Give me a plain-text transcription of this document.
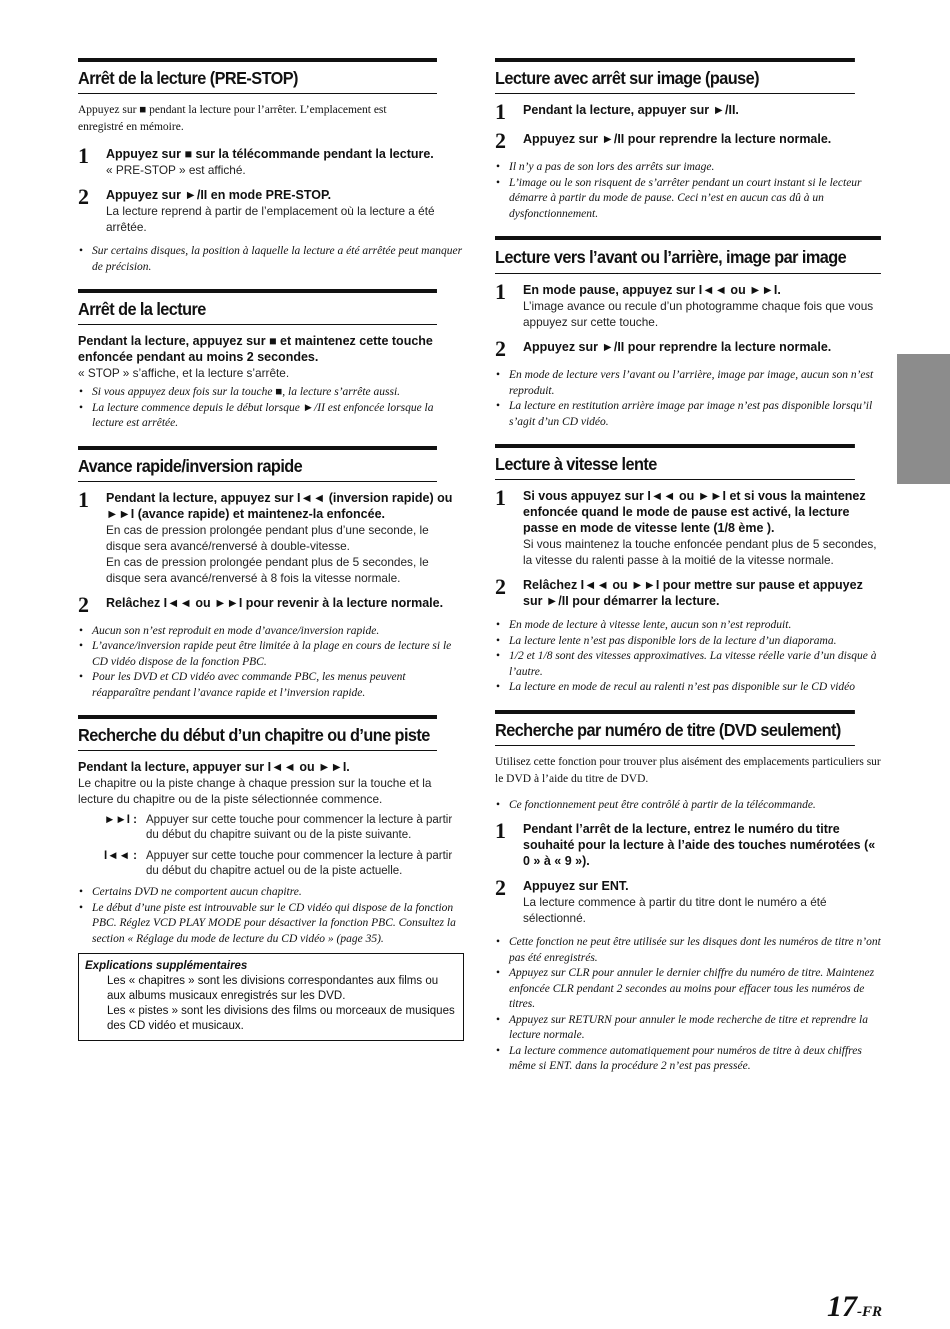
Arrêt de la lecture (PRE-STOP)
Appuyez sur ■ pendant la lecture pour l’arrêter. L’emplacement est
enregistré en mémoire.
1	Appuyez sur ■ sur la télécommande pendant la lecture.
« PRE-STOP » est affiché.
2	Appuyez sur ►/II en mode PRE-STOP.
La lecture reprend à partir de l’emplacement où la lecture a été arrêtée.
• Sur certains disques, la position à laquelle la lecture a été arrêtée peut manquer de précision.
Arrêt de la lecture
Pendant la lecture, appuyez sur ■ et maintenez cette touche enfoncée pendant au moins 2 secondes.
« STOP » s’affiche, et la lecture s’arrête.
• Si vous appuyez deux fois sur la touche ■, la lecture s’arrête aussi.
• La lecture commence depuis le début lorsque ►/II est enfoncée lorsque la lecture est arrêtée.
Avance rapide/inversion rapide
1	Pendant la lecture, appuyez sur I◄◄ (inversion rapide) ou ►►I (avance rapide) et maintenez-la enfoncée.
En cas de pression prolongée pendant plus d’une seconde, le disque sera avancé/renversé à double-vitesse.
En cas de pression prolongée pendant plus de 5 secondes, le disque sera avancé/renversé à 8 fois la vitesse normale.
2	Relâchez I◄◄ ou ►►I pour revenir à la lecture normale.
• Aucun son n’est reproduit en mode d’avance/inversion rapide.
• L’avance/inversion rapide peut être limitée à la plage en cours de lecture si le CD vidéo dispose de la fonction PBC.
• Pour les DVD et CD vidéo avec commande PBC, les menus peuvent réapparaître pendant l’avance rapide et l’inversion rapide.
Recherche du début d’un chapitre ou d’une piste
Pendant la lecture, appuyer sur I◄◄ ou ►►I.
Le chapitre ou la piste change à chaque pression sur la touche et la lecture du chapitre ou de la piste sélectionnée commence.
►►I : Appuyer sur cette touche pour commencer la lecture à partir du début du chapitre suivant ou de la piste suivante.
I◄◄ : Appuyer sur cette touche pour commencer la lecture à partir du début du chapitre actuel ou de la piste actuelle.
• Certains DVD ne comportent aucun chapitre.
• Le début d’une piste est introuvable sur le CD vidéo qui dispose de la fonction PBC. Réglez VCD PLAY MODE pour désactiver la fonction PBC. Consultez la section « Réglage du mode de lecture du CD vidéo » (page 35).
Explications supplémentaires
Les « chapitres » sont les divisions correspondantes aux films ou aux albums musicaux enregistrés sur les DVD.
Les « pistes » sont les divisions des films ou morceaux de musiques des CD vidéo et musicaux.
Lecture avec arrêt sur image (pause)
1	Pendant la lecture, appuyer sur ►/II.
2	Appuyez sur ►/II pour reprendre la lecture normale.
• Il n’y a pas de son lors des arrêts sur image.
• L’image ou le son risquent de s’arrêter pendant un court instant si le lecteur démarre à partir du mode de pause. Ceci n’est en aucun cas dû à un dysfonctionnement.
Lecture vers l’avant ou l’arrière, image par image
1	En mode pause, appuyez sur I◄◄ ou ►►I.
L’image avance ou recule d’un photogramme chaque fois que vous appuyez sur cette touche.
2	Appuyez sur ►/II pour reprendre la lecture normale.
• En mode de lecture vers l’avant ou l’arrière, image par image, aucun son n’est reproduit.
• La lecture en restitution arrière image par image n’est pas disponible lorsqu’il s’agit d’un CD vidéo.
Lecture à vitesse lente
1	Si vous appuyez sur I◄◄ ou ►►I et si vous la maintenez enfoncée quand le mode de pause est activé, la lecture passe en mode de vitesse lente (1/8 ème ).
Si vous maintenez la touche enfoncée pendant plus de 5 secondes, la vitesse du ralenti passe à la moitié de la vitesse normale.
2	Relâchez I◄◄ ou ►►I pour mettre sur pause et appuyez sur ►/II pour démarrer la lecture.
• En mode de lecture à vitesse lente, aucun son n’est reproduit.
• La lecture lente n’est pas disponible lors de la lecture d’un diaporama.
• 1/2 et 1/8 sont des vitesses approximatives. La vitesse réelle varie d’un disque à l’autre.
• La lecture en mode de recul au ralenti n’est pas disponible sur le CD vidéo
Recherche par numéro de titre (DVD seulement)
Utilisez cette fonction pour trouver plus aisément des emplacements particuliers sur le DVD à l’aide du titre de DVD.
• Ce fonctionnement peut être contrôlé à partir de la télécommande.
1	Pendant l’arrêt de la lecture, entrez le numéro du titre souhaité pour la lecture à l’aide des touches numérotées (« 0 » à « 9 »).
2	Appuyez sur ENT.
La lecture commence à partir du titre dont le numéro a été sélectionné.
• Cette fonction ne peut être utilisée sur les disques dont les numéros de titre n’ont pas été enregistrés.
• Appuyez sur CLR pour annuler le dernier chiffre du numéro de titre. Maintenez enfoncée CLR pendant 2 secondes au moins pour effacer tous les numéros de titres.
• Appuyez sur RETURN pour annuler le mode recherche de titre et reprendre la lecture normale.
• La lecture commence automatiquement pour numéros de titre à deux chiffres même si ENT. dans la procédure 2 n’est pas pressée.
17-FR
